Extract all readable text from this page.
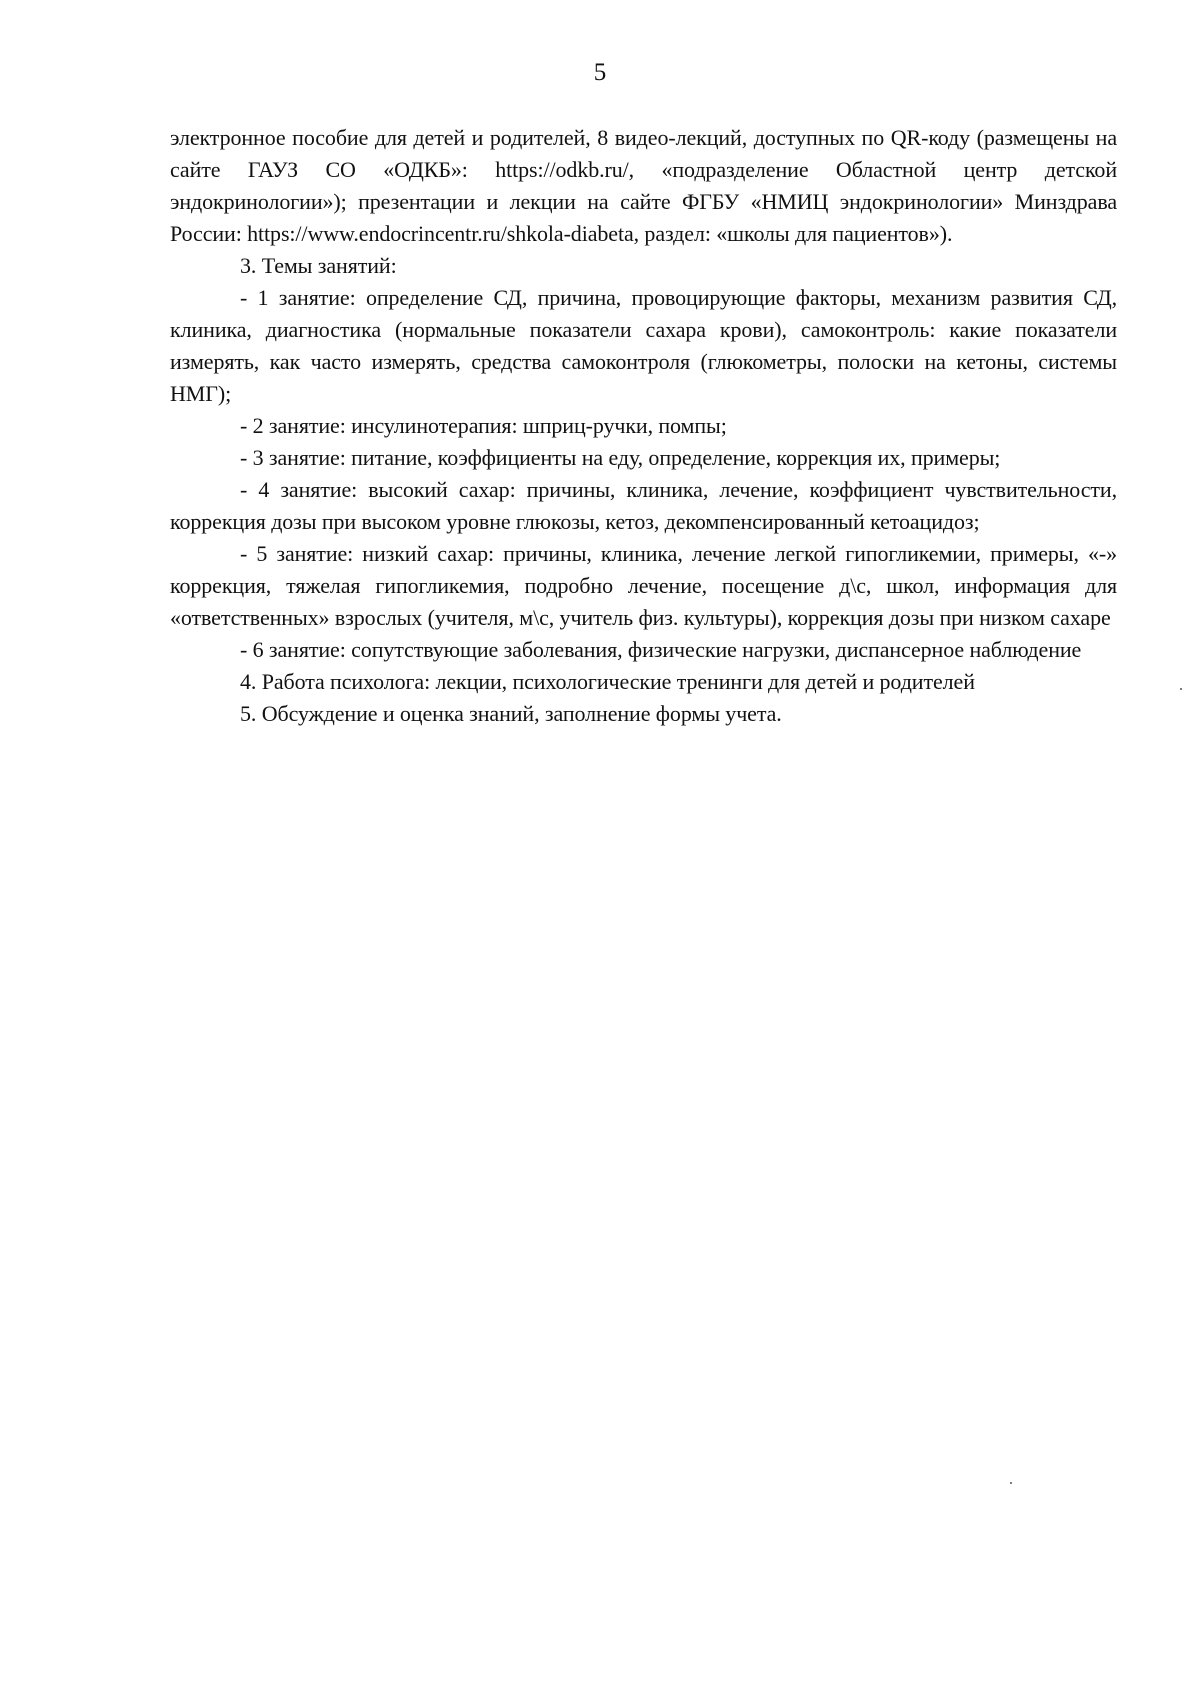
5

электронное пособие для детей и родителей, 8 видео-лекций, доступных по QR-коду (размещены на сайте ГАУЗ СО «ОДКБ»: https://odkb.ru/, «подразделение Областной центр детской эндокринологии»); презентации и лекции на сайте ФГБУ «НМИЦ эндокринологии» Минздрава России: https://www.endocrincentr.ru/shkola-diabeta, раздел: «школы для пациентов»).

3. Темы занятий:

- 1 занятие: определение СД, причина, провоцирующие факторы, механизм развития СД, клиника, диагностика (нормальные показатели сахара крови), самоконтроль: какие показатели измерять, как часто измерять, средства самоконтроля (глюкометры, полоски на кетоны, системы НМГ);

- 2 занятие: инсулинотерапия: шприц-ручки, помпы;

- 3 занятие: питание, коэффициенты на еду, определение, коррекция их, примеры;

- 4 занятие: высокий сахар: причины, клиника, лечение, коэффициент чувствительности, коррекция дозы при высоком уровне глюкозы, кетоз, декомпенсированный кетоацидоз;

- 5 занятие: низкий сахар: причины, клиника, лечение легкой гипогликемии, примеры, «-» коррекция, тяжелая гипогликемия, подробно лечение, посещение д\с, школ, информация для «ответственных» взрослых (учителя, м\с, учитель физ. культуры), коррекция дозы при низком сахаре

- 6 занятие: сопутствующие заболевания, физические нагрузки, диспансерное наблюдение

4. Работа психолога: лекции, психологические тренинги для детей и родителей

5. Обсуждение и оценка знаний, заполнение формы учета.
